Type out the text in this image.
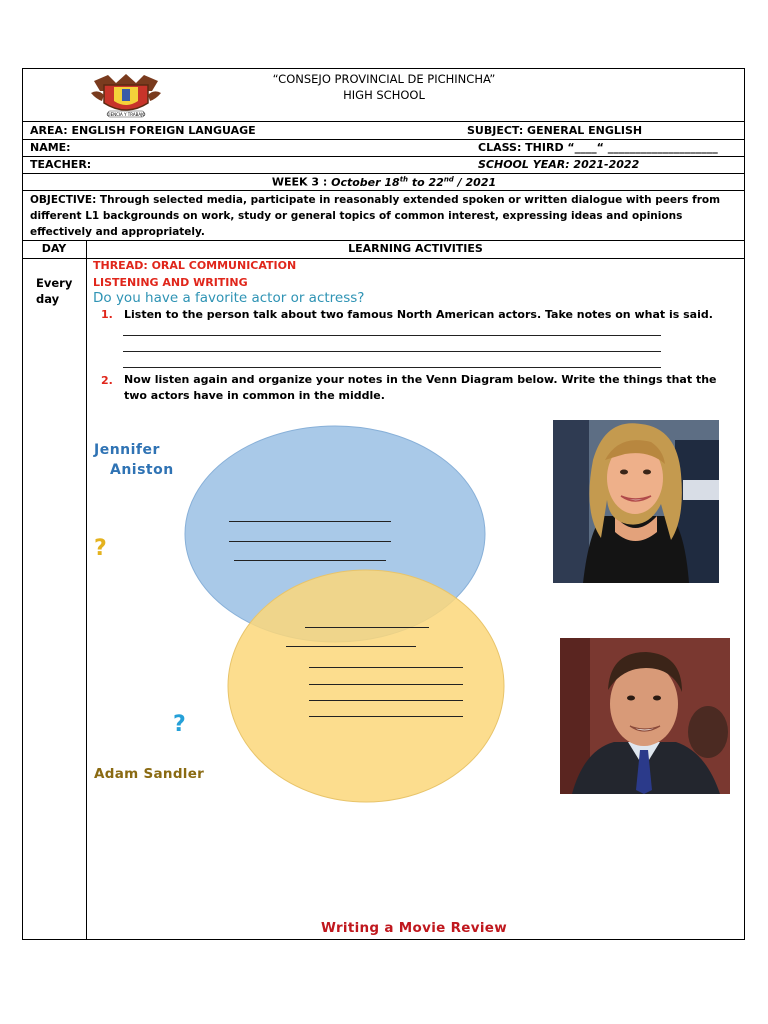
CIENCIA Y TRABAJO
“CONSEJO PROVINCIAL DE PICHINCHA”
HIGH SCHOOL
AREA: ENGLISH FOREIGN LANGUAGE	SUBJECT: GENERAL ENGLISH
NAME:	CLASS: THIRD “____“ ____________________
TEACHER:	SCHOOL YEAR: 2021-2022
WEEK 3 : October 18th to 22nd / 2021
OBJECTIVE: Through selected media, participate in reasonably extended spoken or written dialogue with peers from different L1 backgrounds on work, study or general topics of common interest, expressing ideas and opinions effectively and appropriately.
DAY	LEARNING ACTIVITIES
Every
day
THREAD: ORAL COMMUNICATION
LISTENING AND WRITING
Do you have a favorite actor or actress?
1. Listen to the person talk about two famous North American actors. Take notes on what is said.
2. Now listen again and organize your notes in the Venn Diagram below. Write the things that the two actors have in common in the middle.
Jennifer
Aniston
?
?
Adam Sandler
Writing a Movie Review
